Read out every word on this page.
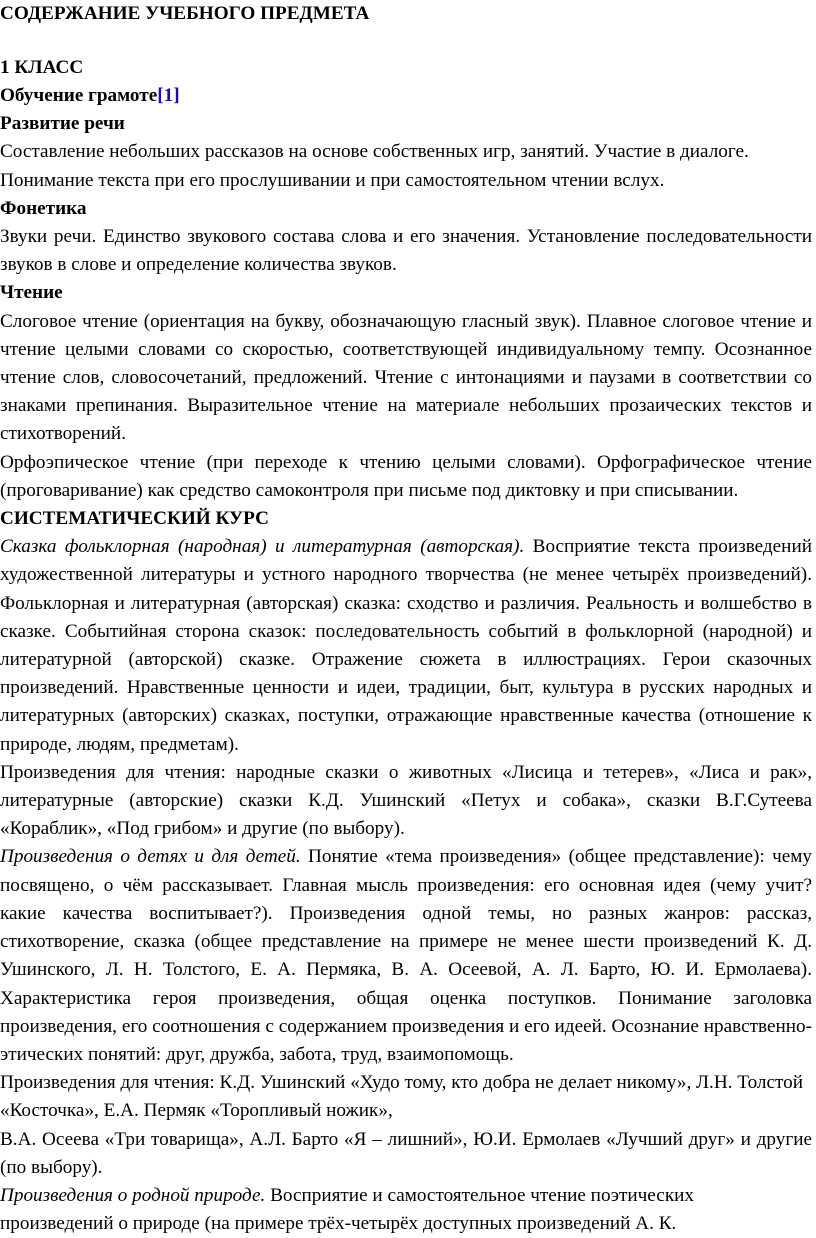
СОДЕРЖАНИЕ УЧЕБНОГО ПРЕДМЕТА

1 КЛАСС

Обучение грамоте[1]

Развитие речи

Составление небольших рассказов на основе собственных игр, занятий. Участие в диалоге. Понимание текста при его прослушивании и при самостоятельном чтении вслух.

Фонетика

Звуки речи. Единство звукового состава слова и его значения. Установление последовательности звуков в слове и определение количества звуков.

Чтение

Слоговое чтение (ориентация на букву, обозначающую гласный звук). Плавное слоговое чтение и чтение целыми словами со скоростью, соответствующей индивидуальному темпу. Осознанное чтение слов, словосочетаний, предложений. Чтение с интонациями и паузами в соответствии со знаками препинания. Выразительное чтение на материале небольших прозаических текстов и стихотворений.

Орфоэпическое чтение (при переходе к чтению целыми словами). Орфографическое чтение (проговаривание) как средство самоконтроля при письме под диктовку и при списывании.

СИСТЕМАТИЧЕСКИЙ КУРС

Сказка фольклорная (народная) и литературная (авторская). Восприятие текста произведений художественной литературы и устного народного творчества (не менее четырёх произведений). Фольклорная и литературная (авторская) сказка: сходство и различия. Реальность и волшебство в сказке. Событийная сторона сказок: последовательность событий в фольклорной (народной) и литературной (авторской) сказке. Отражение сюжета в иллюстрациях. Герои сказочных произведений. Нравственные ценности и идеи, традиции, быт, культура в русских народных и литературных (авторских) сказках, поступки, отражающие нравственные качества (отношение к природе, людям, предметам).

Произведения для чтения: народные сказки о животных «Лисица и тетерев», «Лиса и рак», литературные (авторские) сказки К.Д. Ушинский «Петух и собака», сказки В.Г.Сутеева «Кораблик», «Под грибом» и другие (по выбору).

Произведения о детях и для детей. Понятие «тема произведения» (общее представление): чему посвящено, о чём рассказывает. Главная мысль произведения: его основная идея (чему учит? какие качества воспитывает?). Произведения одной темы, но разных жанров: рассказ, стихотворение, сказка (общее представление на примере не менее шести произведений К. Д. Ушинского, Л. Н. Толстого, Е. А. Пермяка, В. А. Осеевой, А. Л. Барто, Ю. И. Ермолаева). Характеристика героя произведения, общая оценка поступков. Понимание заголовка произведения, его соотношения с содержанием произведения и его идеей. Осознание нравственно-этических понятий: друг, дружба, забота, труд, взаимопомощь.

Произведения для чтения: К.Д. Ушинский «Худо тому, кто добра не делает никому», Л.Н. Толстой «Косточка», Е.А. Пермяк «Торопливый ножик»,

В.А. Осеева «Три товарища», А.Л. Барто «Я – лишний», Ю.И. Ермолаев «Лучший друг» и другие (по выбору).

Произведения о родной природе. Восприятие и самостоятельное чтение поэтических произведений о природе (на примере трёх-четырёх доступных произведений А. К.
